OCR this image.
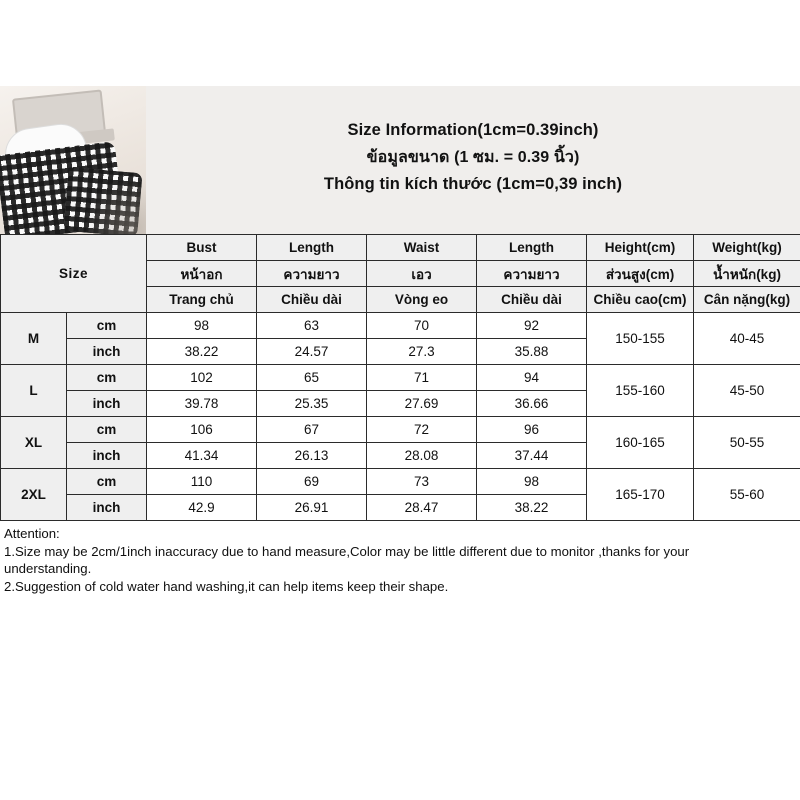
Size Information(1cm=0.39inch)
ข้อมูลขนาด (1 ซม. = 0.39 นิ้ว)
Thông tin kích thước (1cm=0,39 inch)
Size		Bust	Length	Waist	Length	Height(cm)	Weight(kg)
		หน้าอก	ความยาว	เอว	ความยาว	ส่วนสูง(cm)	น้ำหนัก(kg)
		Trang chủ	Chiều dài	Vòng eo	Chiều dài	Chiều cao(cm)	Cân nặng(kg)
M	cm	98	63	70	92	150-155	40-45
	inch	38.22	24.57	27.3	35.88		
L	cm	102	65	71	94	155-160	45-50
	inch	39.78	25.35	27.69	36.66		
XL	cm	106	67	72	96	160-165	50-55
	inch	41.34	26.13	28.08	37.44		
2XL	cm	110	69	73	98	165-170	55-60
	inch	42.9	26.91	28.47	38.22		
Attention:
1.Size may be 2cm/1inch inaccuracy due to hand measure,Color may be little different due to monitor ,thanks for your
understanding.
2.Suggestion of cold water hand washing,it can help items keep their shape.
